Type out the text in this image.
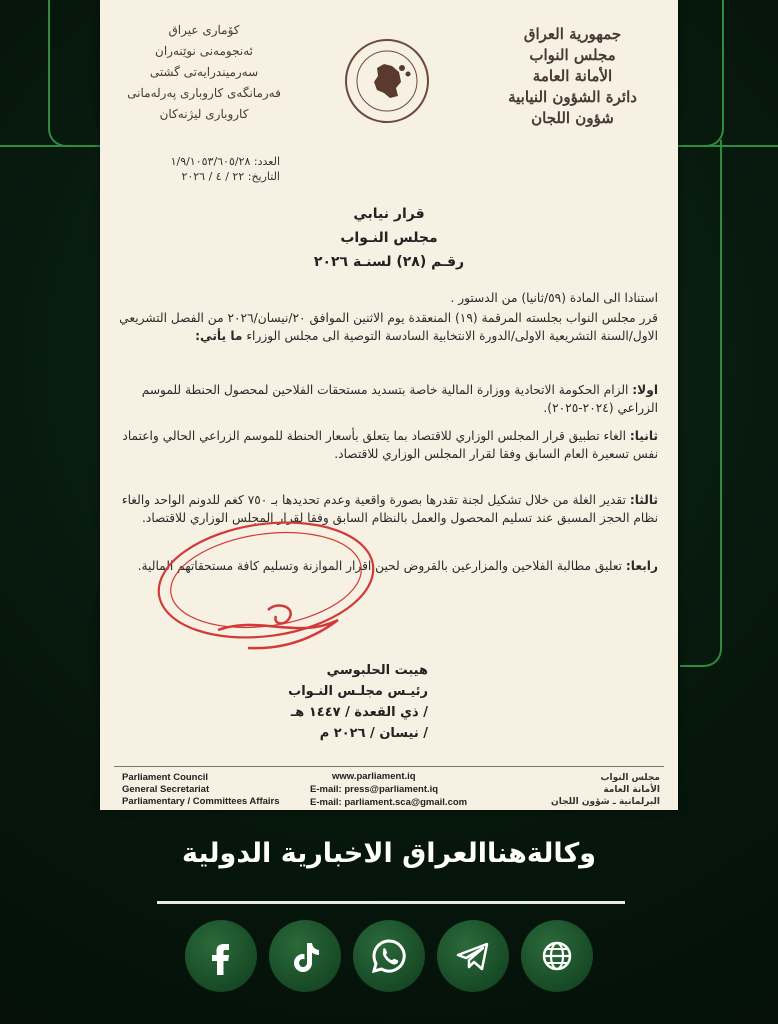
جمهورية العراق
مجلس النواب
الأمانة العامة
دائرة الشؤون النيابية
شؤون اللجان
كۆماری عیراق
ئەنجومەنی نوێنەران
سەرمیندرایەتی گشتی
فەرمانگەی کاروباری پەرلەمانی
کاروباری لیژنەکان
العدد: ١/٩/١٠٥٣/٦٠٥/٢٨
التاريخ: ٢٢ / ٤ / ٢٠٢٦
قرار نيابي
مجلس النـواب
رقـم (٢٨) لسنـة ٢٠٢٦
استنادا الى المادة (٥٩/ثانيا) من الدستور .
قرر مجلس النواب بجلسته المرقمة (١٩) المنعقدة يوم الاثنين الموافق ٢٠/نيسان/٢٠٢٦ من الفصل التشريعي الاول/السنة التشريعية الاولى/الدورة الانتخابية السادسة التوصية الى مجلس الوزراء ما يأتي:
اولا: الزام الحكومة الاتحادية ووزارة المالية خاصة بتسديد مستحقات الفلاحين لمحصول الحنطة للموسم الزراعي (٢٠٢٤-٢٠٢٥).
ثانيا: الغاء تطبيق قرار المجلس الوزاري للاقتصاد بما يتعلق بأسعار الحنطة للموسم الزراعي الحالي واعتماد نفس تسعيرة العام السابق وفقا لقرار المجلس الوزاري للاقتصاد.
ثالثا: تقدير الغلة من خلال تشكيل لجنة تقدرها بصورة واقعية وعدم تحديدها بـ ٧٥٠ كغم للدونم الواحد والغاء نظام الحجز المسبق عند تسليم المحصول والعمل بالنظام السابق وفقا لقرار المجلس الوزاري للاقتصاد.
رابعا: تعليق مطالبة الفلاحين والمزارعين بالقروض لحين اقرار الموازنة وتسليم كافة مستحقاتهم المالية.
هيبت الحلبوسي
رئيـس مجلـس النـواب
/ ذي القعدة / ١٤٤٧ هـ
/ نيسان / ٢٠٢٦ م
Parliament Council
General Secretariat
Parliamentary / Committees Affairs
www.parliament.iq
E-mail: press@parliament.iq
E-mail: parliament.sca@gmail.com
مجلس النواب
الأمانة العامة
البرلمانية ـ شؤون اللجان
وكالةهناالعراق الاخبارية الدولية
